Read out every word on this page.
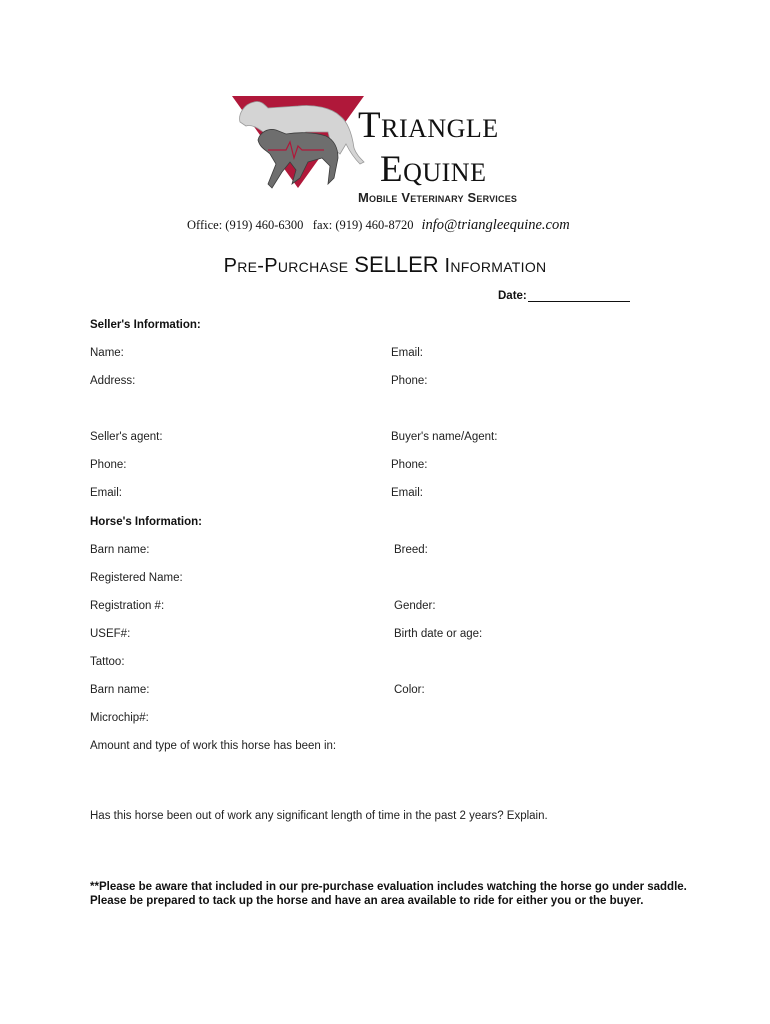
Triangle
Equine
Mobile Veterinary Services
Office: (919) 460-6300   fax: (919) 460-8720 info@triangleequine.com
Pre-Purchase SELLER Information
Date:
Seller's Information:
Name:	Email:
Address:	Phone:
Seller's agent:	Buyer's name/Agent:
Phone:	Phone:
Email:	Email:
Horse's Information:
Barn name:	Breed:
Registered Name:
Registration #:	Gender:
USEF#:	Birth date or age:
Tattoo:
Barn name:	Color:
Microchip#:
Amount and type of work this horse has been in:
Has this horse been out of work any significant length of time in the past 2 years? Explain.
**Please be aware that included in our pre-purchase evaluation includes watching the horse go under saddle. Please be prepared to tack up the horse and have an area available to ride for either you or the buyer.
